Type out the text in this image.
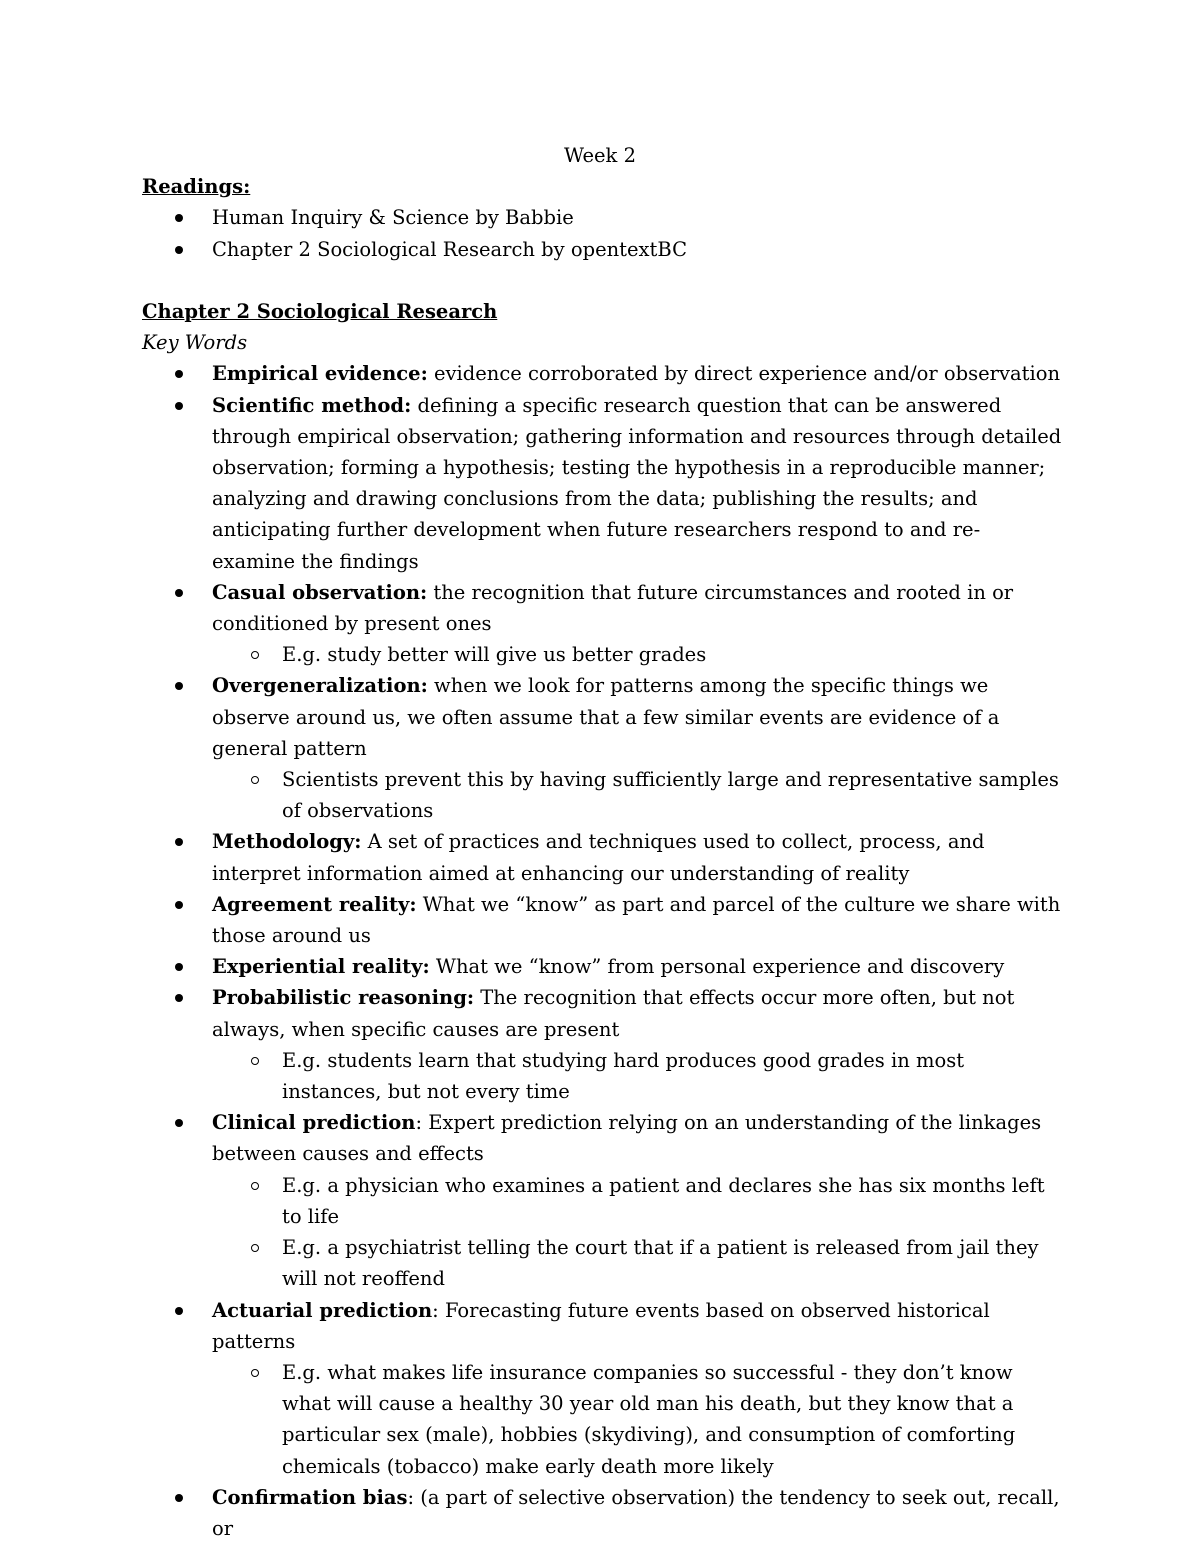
Week 2

Readings:

Human Inquiry & Science by Babbie
Chapter 2 Sociological Research by opentextBC

Chapter 2 Sociological Research

Key Words

Empirical evidence: evidence corroborated by direct experience and/or observation
Scientific method: defining a specific research question that can be answered through empirical observation; gathering information and resources through detailed observation; forming a hypothesis; testing the hypothesis in a reproducible manner; analyzing and drawing conclusions from the data; publishing the results; and anticipating further development when future researchers respond to and re-examine the findings
Casual observation: the recognition that future circumstances and rooted in or conditioned by present ones
E.g. study better will give us better grades
Overgeneralization: when we look for patterns among the specific things we observe around us, we often assume that a few similar events are evidence of a general pattern
Scientists prevent this by having sufficiently large and representative samples of observations
Methodology: A set of practices and techniques used to collect, process, and interpret information aimed at enhancing our understanding of reality
Agreement reality: What we “know” as part and parcel of the culture we share with those around us
Experiential reality: What we “know” from personal experience and discovery
Probabilistic reasoning: The recognition that effects occur more often, but not always, when specific causes are present
E.g. students learn that studying hard produces good grades in most instances, but not every time
Clinical prediction: Expert prediction relying on an understanding of the linkages between causes and effects
E.g. a physician who examines a patient and declares she has six months left to life
E.g. a psychiatrist telling the court that if a patient is released from jail they will not reoffend
Actuarial prediction: Forecasting future events based on observed historical patterns
E.g. what makes life insurance companies so successful - they don’t know what will cause a healthy 30 year old man his death, but they know that a particular sex (male), hobbies (skydiving), and consumption of comforting chemicals (tobacco) make early death more likely
Confirmation bias: (a part of selective observation) the tendency to seek out, recall, or
